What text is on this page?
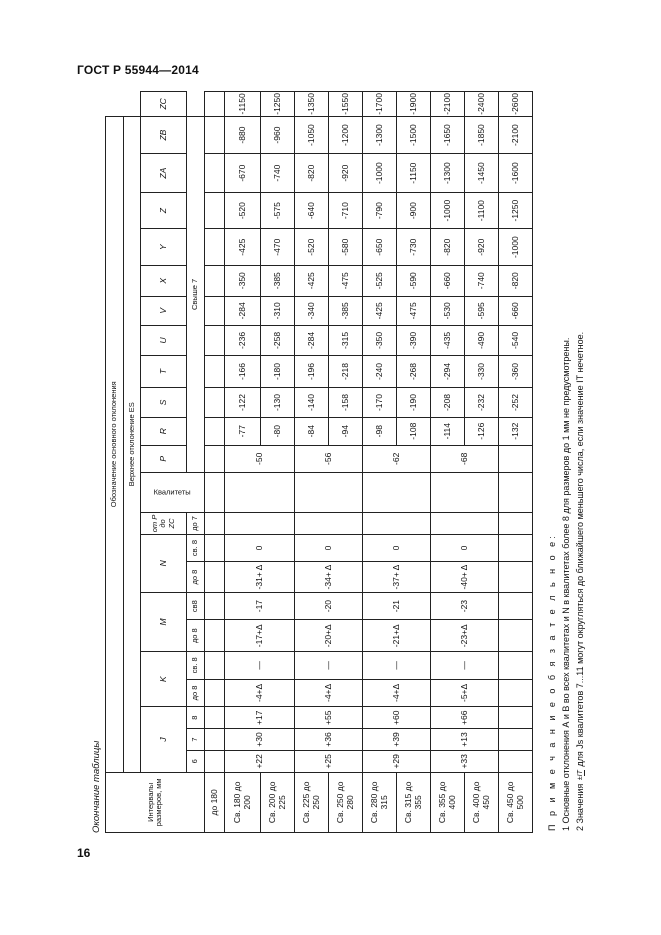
ГОСТ Р 55944—2014
16
Окончание таблицы	Интервалы размеров, мм	Обозначение основного отклонения																						
	Верхнее отклонение ES																						
	J			K		M		N		от P до ZC	Квалитеты	P	R	S	T	U	V	X	Y	Z	ZA	ZB	ZC
	6	7	8	до 8	св. 8	до 8	св8	до 8	св. 8	до 7		Свыше 7											
до 180																							
Св. 180 до 200	+22	+30	+17	-4+Δ	—	-17+Δ	-17	-31+ Δ	0			-50	-77	-122	-166	-236	-284	-350	-425	-520	-670	-880	-1150
Св. 200 до 225													-80	-130	-180	-258	-310	-385	-470	-575	-740	-960	-1250
Св. 225 до 250	+25	+36	+55	-4+Δ	—	-20+Δ	-20	-34+ Δ	0			-56	-84	-140	-196	-284	-340	-425	-520	-640	-820	-1050	-1350
Св. 250 до 280													-94	-158	-218	-315	-385	-475	-580	-710	-920	-1200	-1550
Св. 280 до 315	+29	+39	+60	-4+Δ	—	-21+Δ	-21	-37+ Δ	0			-62	-98	-170	-240	-350	-425	-525	-650	-790	-1000	-1300	-1700
Св. 315 до 355													-108	-190	-268	-390	-475	-590	-730	-900	-1150	-1500	-1900
Св. 355 до 400	+33	+13	+66	-5+Δ	—	-23+Δ	-23	-40+ Δ	0			-68	-114	-208	-294	-435	-530	-660	-820	-1000	-1300	-1650	-2100
Св. 400 до 450													-126	-232	-330	-490	-595	-740	-920	-1100	-1450	-1850	-2400
Св. 450 до 500													-132	-252	-360	-540	-660	-820	-1000	-1250	-1600	-2100	-2600
П р и м е ч а н и е о б я з а т е л ь н о е: 1 Основные отклонения А и В во всех квалитетах и N в квалитетах более 8 для размеров до 1 мм не предусмотрены. 2 Значения ±IT для Js квалитетов 7...11 могут округляться до ближайшего меньшего числа, если значение IT нечетное.
